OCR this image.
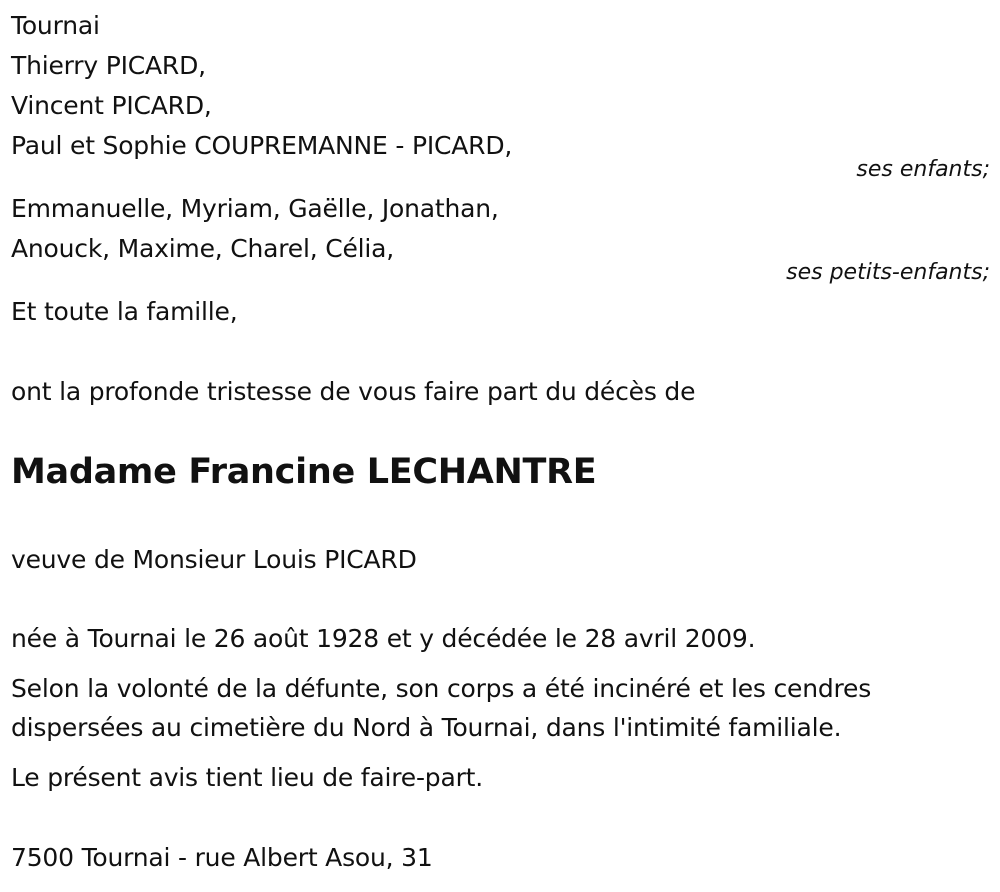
Tournai
Thierry PICARD,
Vincent PICARD,
Paul et Sophie COUPREMANNE - PICARD,
ses enfants;
Emmanuelle, Myriam, Gaëlle, Jonathan,
Anouck, Maxime, Charel, Célia,
ses petits-enfants;
Et toute la famille,
ont la profonde tristesse de vous faire part du décès de
Madame Francine LECHANTRE
veuve de Monsieur Louis PICARD
née à Tournai le 26 août 1928 et y décédée le 28 avril 2009.
Selon la volonté de la défunte, son corps a été incinéré et les cendres
dispersées au cimetière du Nord à Tournai, dans l'intimité familiale.
Le présent avis tient lieu de faire-part.
7500 Tournai - rue Albert Asou, 31
